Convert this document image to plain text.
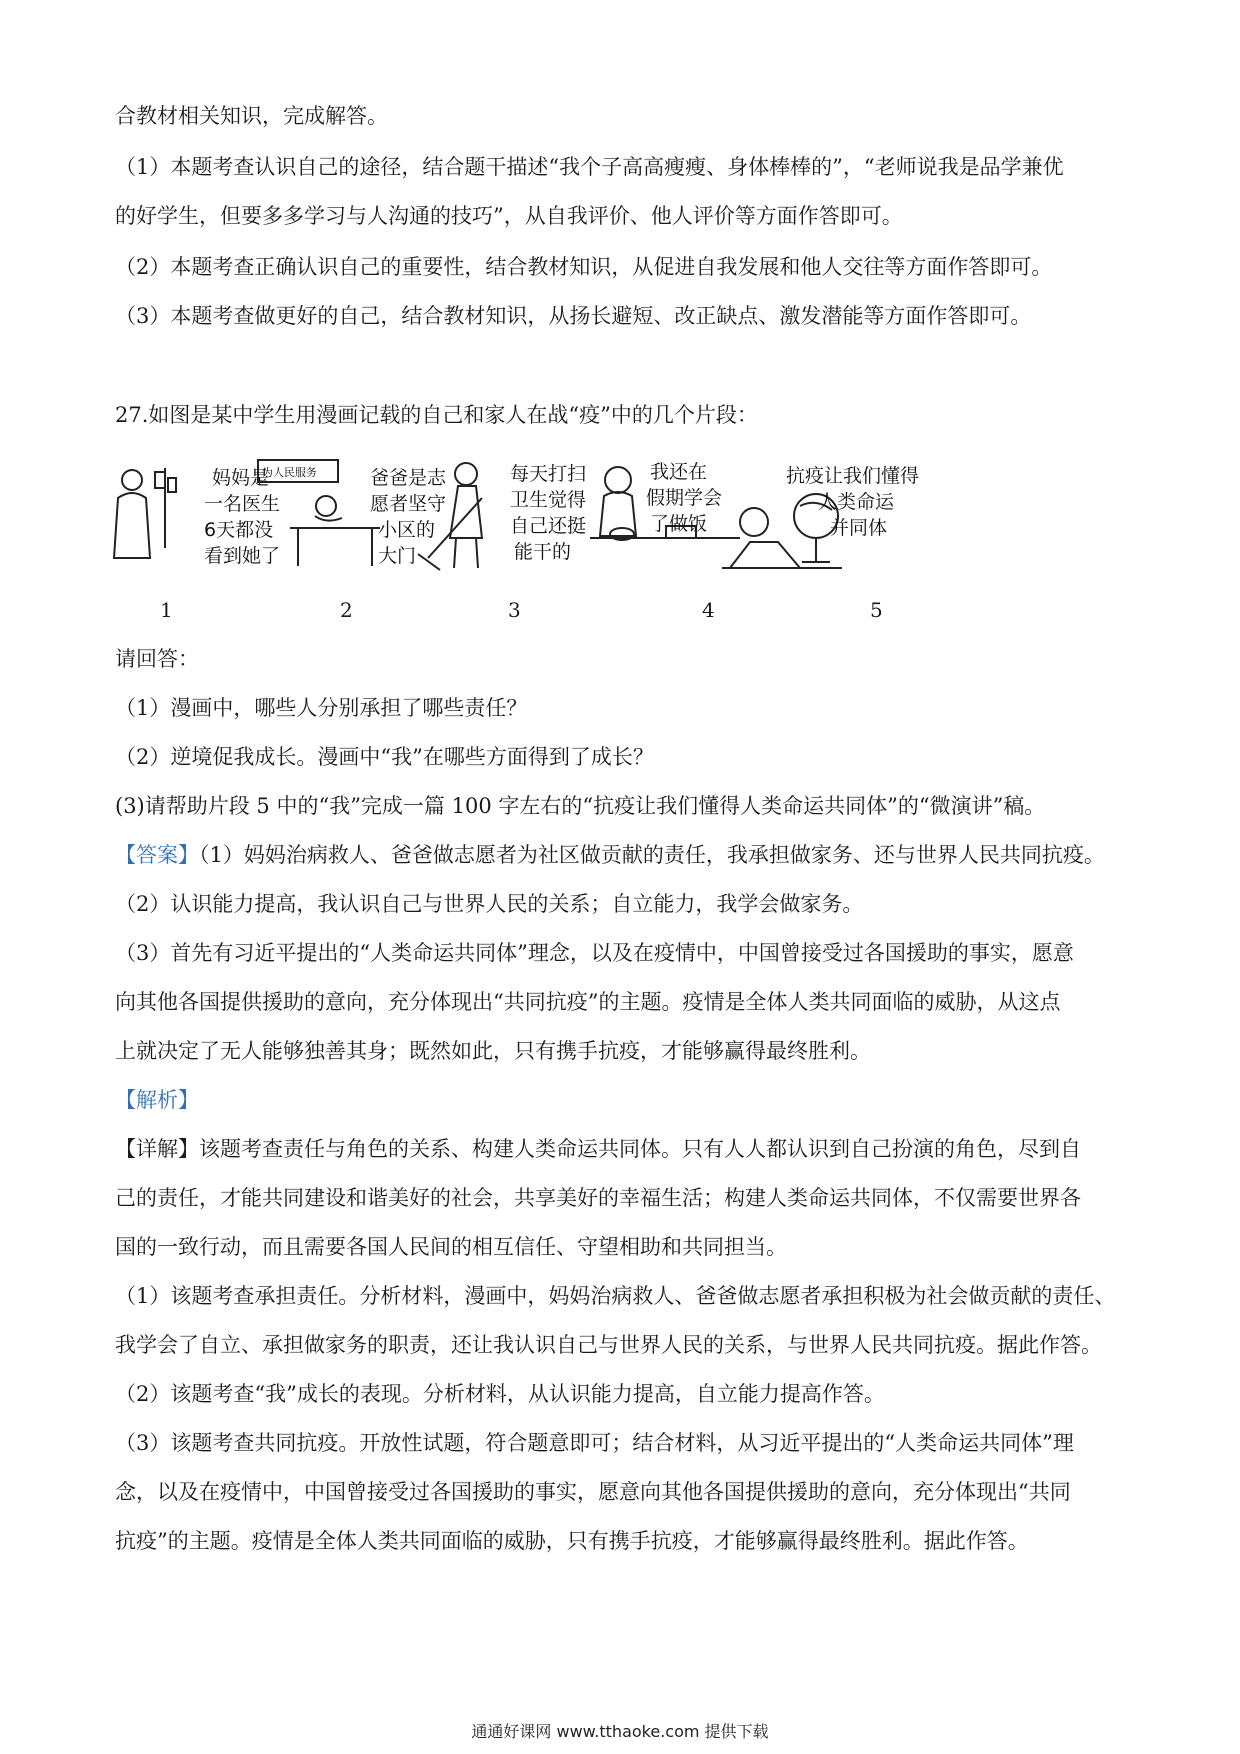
合教材相关知识，完成解答。
（1）本题考查认识自己的途径，结合题干描述“我个子高高瘦瘦、身体棒棒的”，“老师说我是品学兼优
的好学生，但要多多学习与人沟通的技巧”，从自我评价、他人评价等方面作答即可。
（2）本题考查正确认识自己的重要性，结合教材知识，从促进自我发展和他人交往等方面作答即可。
（3）本题考查做更好的自己，结合教材知识，从扬长避短、改正缺点、激发潜能等方面作答即可。
27.如图是某中学生用漫画记载的自己和家人在战“疫”中的几个片段：
妈妈是
一名医生
6天都没
看到她了
为人民服务	爸爸是志
愿者坚守
小区的
大门
每天打扫
卫生觉得
自己还挺
能干的
我还在
假期学会
了做饭
抗疫让我们懂得
人类命运
并同体
1	2	3	4	5
请回答：
（1）漫画中，哪些人分别承担了哪些责任？
（2）逆境促我成长。漫画中“我”在哪些方面得到了成长？
(3)请帮助片段 5 中的“我”完成一篇 100 字左右的“抗疫让我们懂得人类命运共同体”的“微演讲”稿。
【答案】（1）妈妈治病救人、爸爸做志愿者为社区做贡献的责任，我承担做家务、还与世界人民共同抗疫。
（2）认识能力提高，我认识自己与世界人民的关系；自立能力，我学会做家务。
（3）首先有习近平提出的“人类命运共同体”理念，以及在疫情中，中国曾接受过各国援助的事实，愿意
向其他各国提供援助的意向，充分体现出“共同抗疫”的主题。疫情是全体人类共同面临的威胁，从这点
上就决定了无人能够独善其身；既然如此，只有携手抗疫，才能够赢得最终胜利。
【解析】
【详解】该题考查责任与角色的关系、构建人类命运共同体。只有人人都认识到自己扮演的角色，尽到自
己的责任，才能共同建设和谐美好的社会，共享美好的幸福生活；构建人类命运共同体，不仅需要世界各
国的一致行动，而且需要各国人民间的相互信任、守望相助和共同担当。
（1）该题考查承担责任。分析材料，漫画中，妈妈治病救人、爸爸做志愿者承担积极为社会做贡献的责任、
我学会了自立、承担做家务的职责，还让我认识自己与世界人民的关系，与世界人民共同抗疫。据此作答。
（2）该题考查“我”成长的表现。分析材料，从认识能力提高，自立能力提高作答。
（3）该题考查共同抗疫。开放性试题，符合题意即可；结合材料，从习近平提出的“人类命运共同体”理
念，以及在疫情中，中国曾接受过各国援助的事实，愿意向其他各国提供援助的意向，充分体现出“共同
抗疫”的主题。疫情是全体人类共同面临的威胁，只有携手抗疫，才能够赢得最终胜利。据此作答。
通通好课网 www.tthaoke.com 提供下载
